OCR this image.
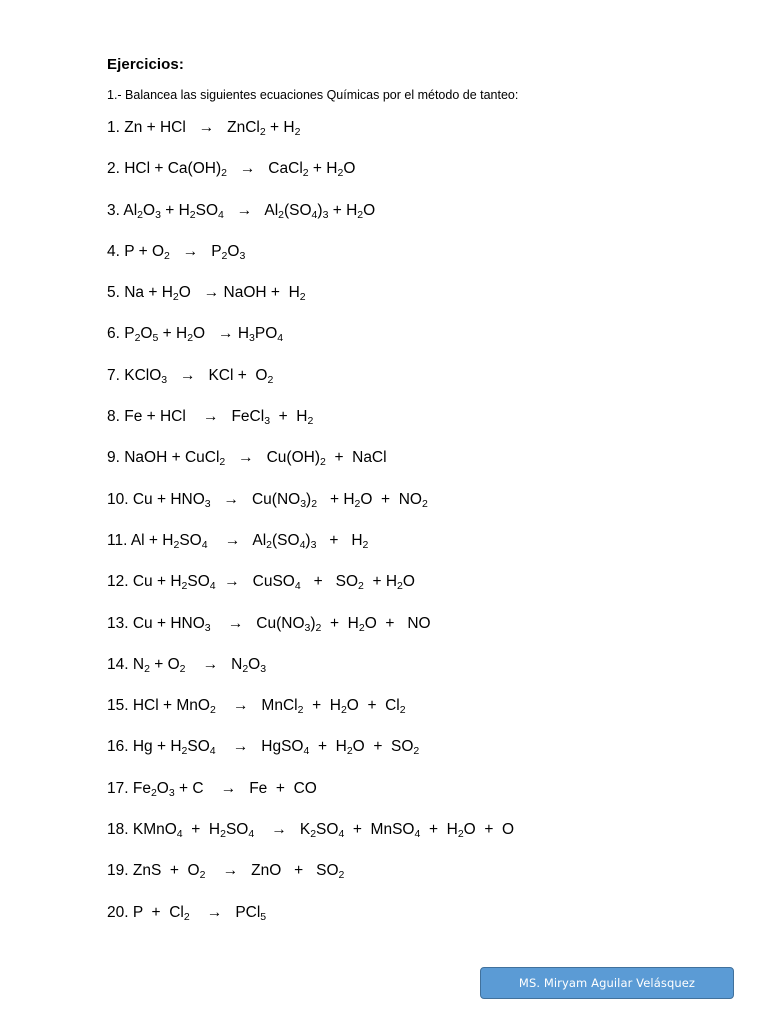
Ejercicios:
1.- Balancea las siguientes ecuaciones Químicas por el método de tanteo:
1. Zn + HCl   →   ZnCl$_2$ + $H_2$
2. HCl + $Ca(OH)_2$   →   CaCl$_2$ + $H_2O$
3. $Al_2O_3 + H_2SO_4 \to Al_2(SO_4)_3 + H_2O$
4. $P + O_2 \to P_2O_3$
5. $Na + H_2O$   → NaOH +  $H_2$
6. $P_2O_5 + H_2O \to H_3PO_4$
7. KClO$_3$   →   KCl +  $O_2$
8. Fe + HCl    →   FeCl$_3$  +  $H_2$
9. NaOH + CuCl$_2$   →   $Cu(OH)_2$  +  NaCl
10. $Cu + HNO_3 \to Cu(NO_3)_2 + H_2O + NO_2$
11. $Al + H_2SO_4$    →   $Al_2(SO_4)_3 + H_2$
12. $Cu + H_2SO_4$  →   CuSO$_4$   +   $SO_2 + H_2O$
13. $Cu + HNO_3$    →   $Cu(NO_3)_2 + H_2O$  +   NO
14. $N_2 + O_2$    →   $N_2O_3$
15. HCl + MnO$_2$    →   MnCl$_2$  +  $H_2O + Cl_2$
16. $Hg + H_2SO_4$    →   HgSO$_4$  +  $H_2O + SO_2$
17. $Fe_2O_3 + C$    →   Fe  +  CO
18. KMnO$_4$  +  $H_2SO_4$    →   $K_2SO_4$  +  MnSO$_4$  +  $H_2O + O$
19. ZnS  +  $O_2$    →   ZnO   +   $SO_2$
20. $P + Cl_2$    →   PCl$_5$
MS. Miryam Aguilar Velásquez
